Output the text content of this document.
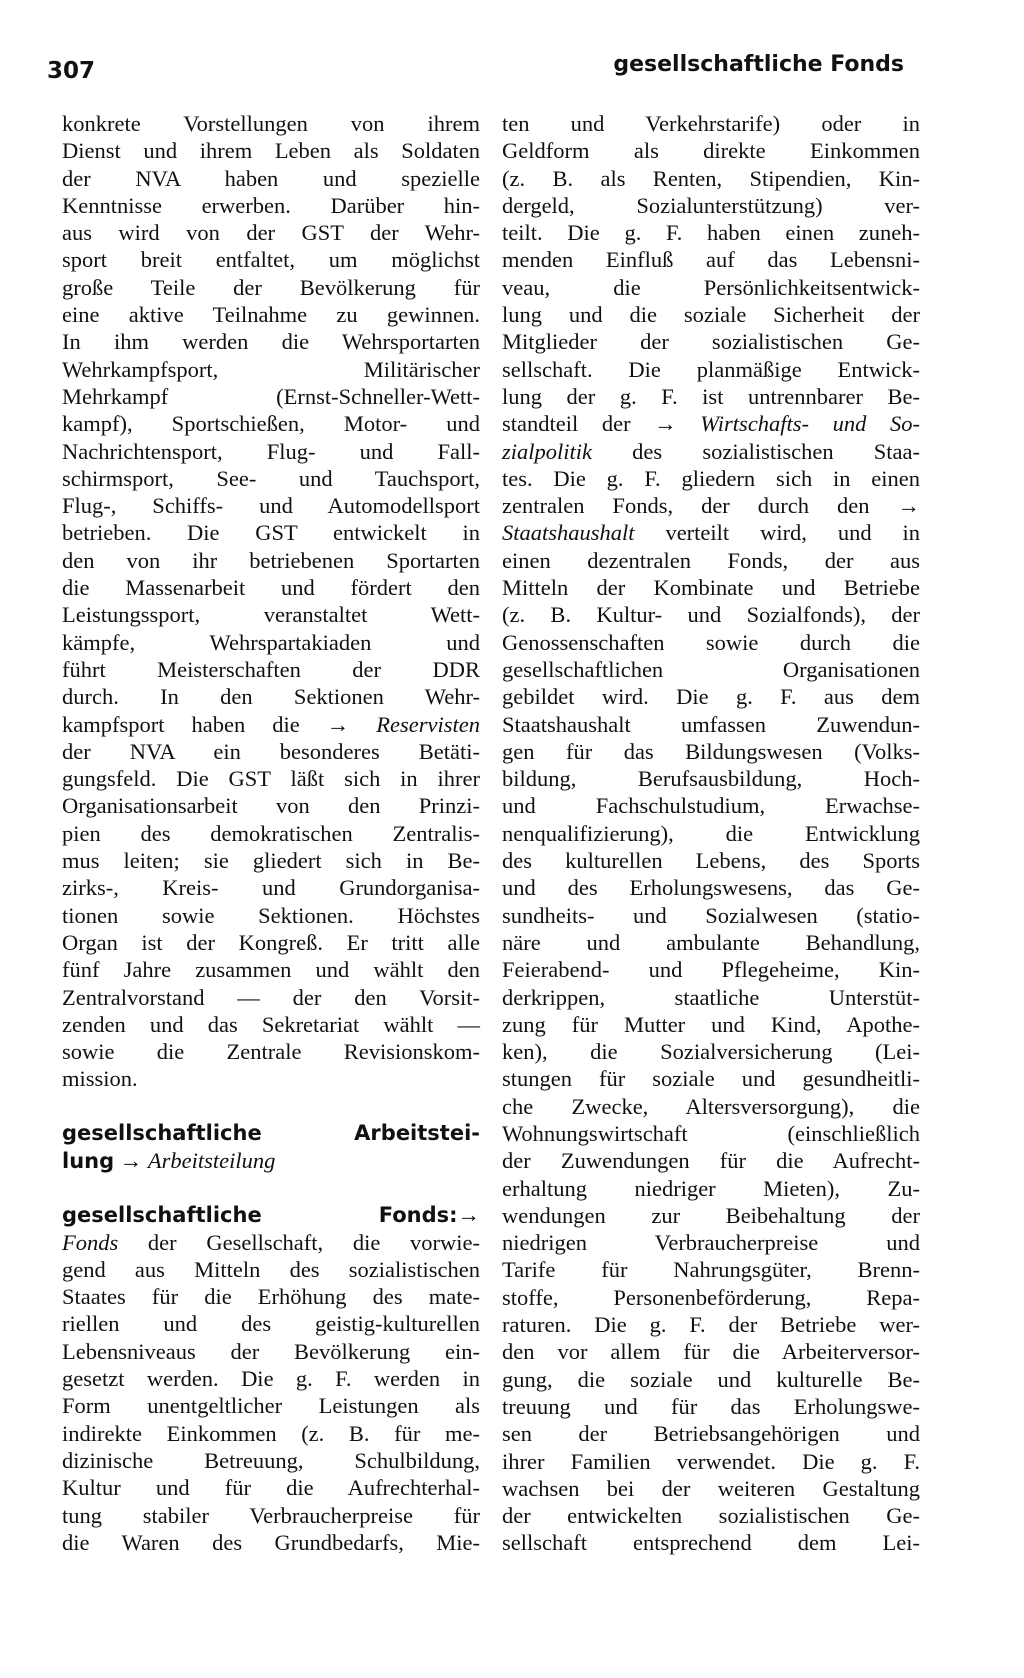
307	gesellschaftliche Fonds

konkrete Vorstellungen von ihrem
Dienst und ihrem Leben als Soldaten
der NVA haben und spezielle
Kenntnisse erwerben. Darüber hin-
aus wird von der GST der Wehr-
sport breit entfaltet, um möglichst
große Teile der Bevölkerung für
eine aktive Teilnahme zu gewinnen.
In ihm werden die Wehrsportarten
Wehrkampfsport, Militärischer
Mehrkampf (Ernst-Schneller-Wett-
kampf), Sportschießen, Motor- und
Nachrichtensport, Flug- und Fall-
schirmsport, See- und Tauchsport,
Flug-, Schiffs- und Automodellsport
betrieben. Die GST entwickelt in
den von ihr betriebenen Sportarten
die Massenarbeit und fördert den
Leistungssport, veranstaltet Wett-
kämpfe, Wehrspartakiaden und
führt Meisterschaften der DDR
durch. In den Sektionen Wehr-
kampfsport haben die → Reservisten
der NVA ein besonderes Betäti-
gungsfeld. Die GST läßt sich in ihrer
Organisationsarbeit von den Prinzi-
pien des demokratischen Zentralis-
mus leiten; sie gliedert sich in Be-
zirks-, Kreis- und Grundorganisa-
tionen sowie Sektionen. Höchstes
Organ ist der Kongreß. Er tritt alle
fünf Jahre zusammen und wählt den
Zentralvorstand — der den Vorsit-
zenden und das Sekretariat wählt —
sowie die Zentrale Revisionskom-
mission.
gesellschaftliche Arbeitstei-
lung → Arbeitsteilung
gesellschaftliche Fonds:→
Fonds der Gesellschaft, die vorwie-
gend aus Mitteln des sozialistischen
Staates für die Erhöhung des mate-
riellen und des geistig-kulturellen
Lebensniveaus der Bevölkerung ein-
gesetzt werden. Die g. F. werden in
Form unentgeltlicher Leistungen als
indirekte Einkommen (z. B. für me-
dizinische Betreuung, Schulbildung,
Kultur und für die Aufrechterhal-
tung stabiler Verbraucherpreise für
die Waren des Grundbedarfs, Mie-
ten und Verkehrstarife) oder in
Geldform als direkte Einkommen
(z. B. als Renten, Stipendien, Kin-
dergeld, Sozialunterstützung) ver-
teilt. Die g. F. haben einen zuneh-
menden Einfluß auf das Lebensni-
veau, die Persönlichkeitsentwick-
lung und die soziale Sicherheit der
Mitglieder der sozialistischen Ge-
sellschaft. Die planmäßige Entwick-
lung der g. F. ist untrennbarer Be-
standteil der → Wirtschafts- und So-
zialpolitik des sozialistischen Staa-
tes. Die g. F. gliedern sich in einen
zentralen Fonds, der durch den →
Staatshaushalt verteilt wird, und in
einen dezentralen Fonds, der aus
Mitteln der Kombinate und Betriebe
(z. B. Kultur- und Sozialfonds), der
Genossenschaften sowie durch die
gesellschaftlichen Organisationen
gebildet wird. Die g. F. aus dem
Staatshaushalt umfassen Zuwendun-
gen für das Bildungswesen (Volks-
bildung, Berufsausbildung, Hoch-
und Fachschulstudium, Erwachse-
nenqualifizierung), die Entwicklung
des kulturellen Lebens, des Sports
und des Erholungswesens, das Ge-
sundheits- und Sozialwesen (statio-
näre und ambulante Behandlung,
Feierabend- und Pflegeheime, Kin-
derkrippen, staatliche Unterstüt-
zung für Mutter und Kind, Apothe-
ken), die Sozialversicherung (Lei-
stungen für soziale und gesundheitli-
che Zwecke, Altersversorgung), die
Wohnungswirtschaft (einschließlich
der Zuwendungen für die Aufrecht-
erhaltung niedriger Mieten), Zu-
wendungen zur Beibehaltung der
niedrigen Verbraucherpreise und
Tarife für Nahrungsgüter, Brenn-
stoffe, Personenbeförderung, Repa-
raturen. Die g. F. der Betriebe wer-
den vor allem für die Arbeiterversor-
gung, die soziale und kulturelle Be-
treuung und für das Erholungswe-
sen der Betriebsangehörigen und
ihrer Familien verwendet. Die g. F.
wachsen bei der weiteren Gestaltung
der entwickelten sozialistischen Ge-
sellschaft entsprechend dem Lei-
